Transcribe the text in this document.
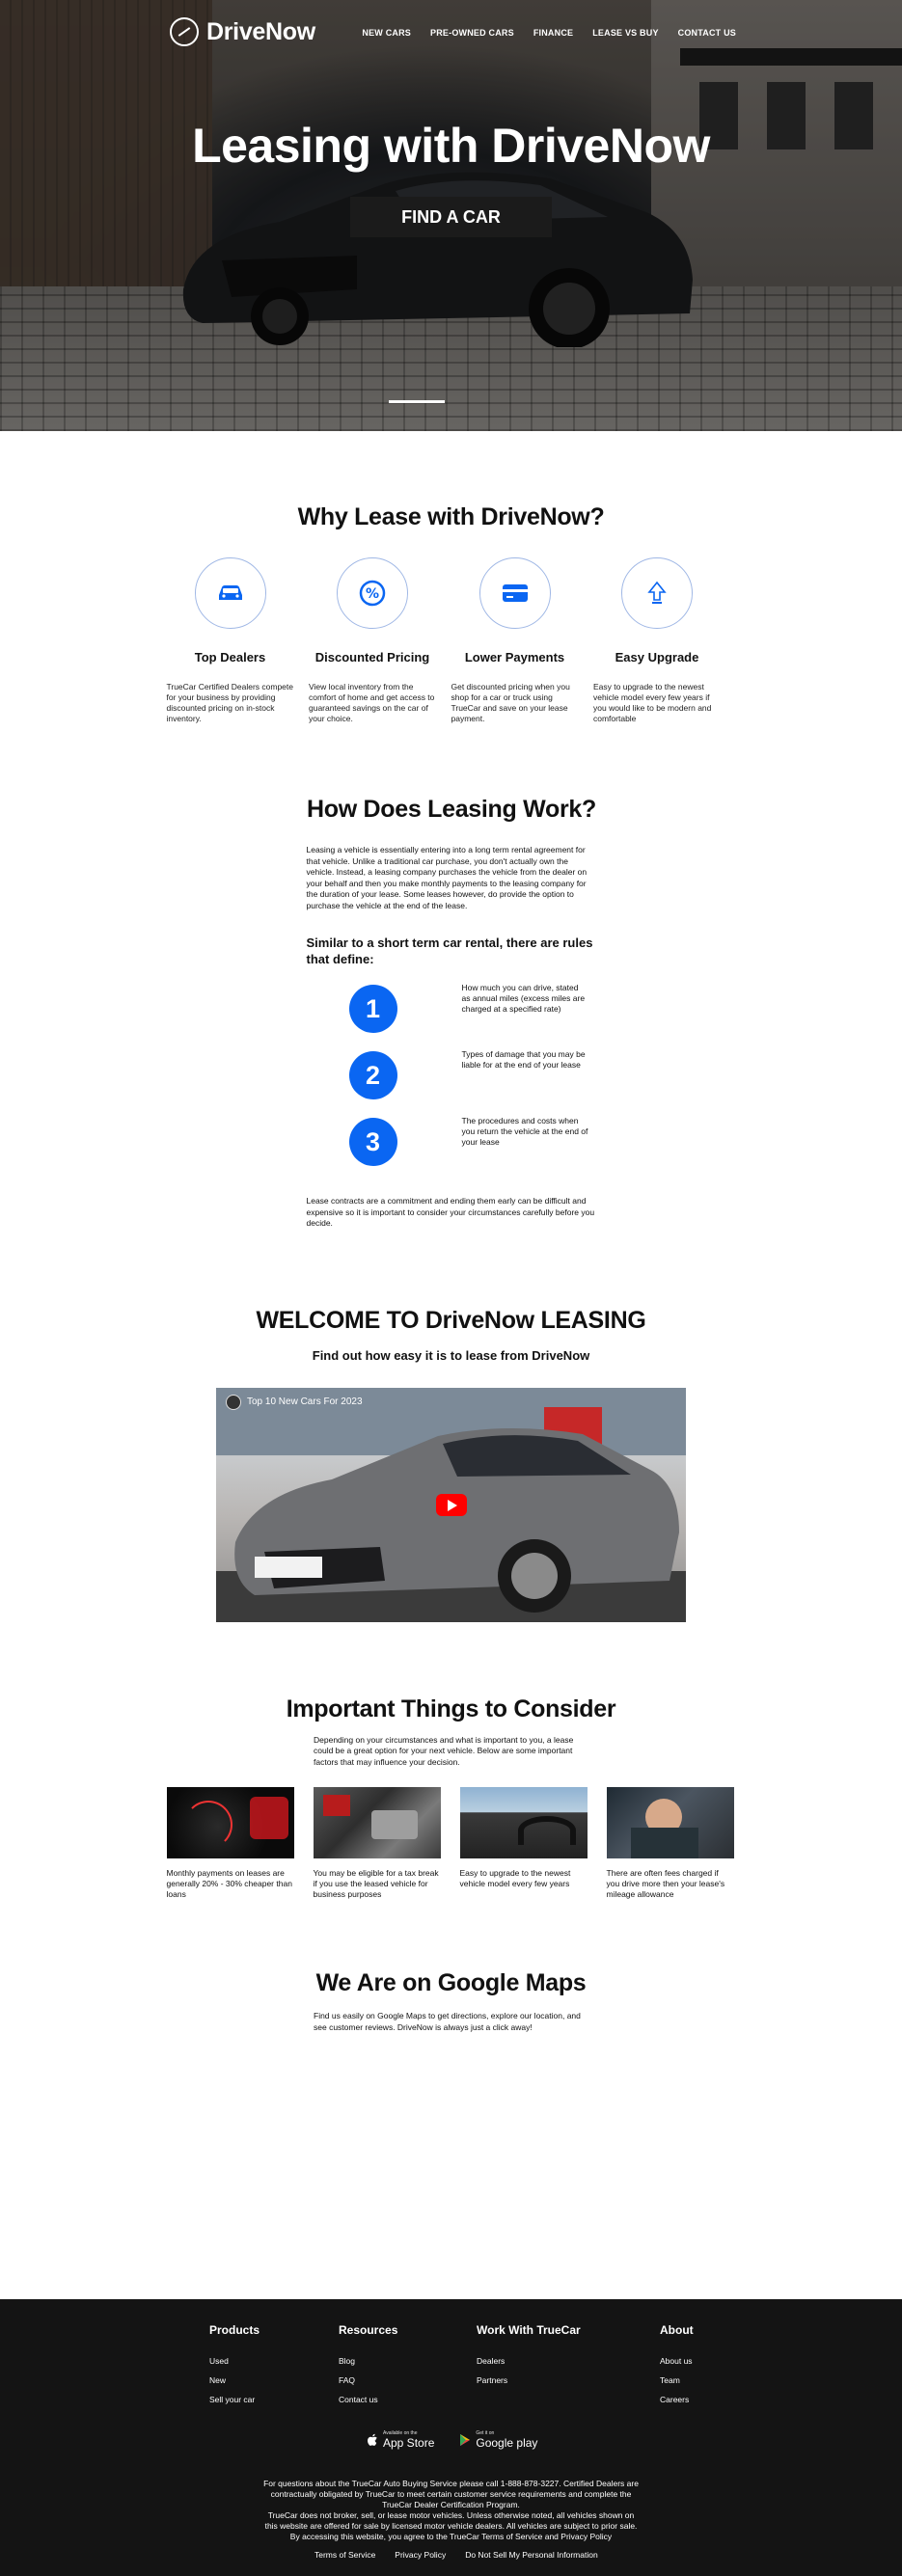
DriveNow	NEW CARS PRE-OWNED CARS FINANCE LEASE VS BUY CONTACT US
Leasing with DriveNow
FIND A CAR
Why Lease with DriveNow?
Top Dealers
TrueCar Certified Dealers compete for your business by providing discounted pricing on in-stock inventory.
%
Discounted Pricing
View local inventory from the comfort of home and get access to guaranteed savings on the car of your choice.
Lower Payments
Get discounted pricing when you shop for a car or truck using TrueCar and save on your lease payment.
Easy Upgrade
Easy to upgrade to the newest vehicle model every few years if you would like to be modern and comfortable
How Does Leasing Work?

Leasing a vehicle is essentially entering into a long term rental agreement for that vehicle. Unlike a traditional car purchase, you don't actually own the vehicle. Instead, a leasing company purchases the vehicle from the dealer on your behalf and then you make monthly payments to the leasing company for the duration of your lease. Some leases however, do provide the option to purchase the vehicle at the end of the lease.

Similar to a short term car rental, there are rules that define:

1
How much you can drive, stated as annual miles (excess miles are charged at a specified rate)
2
Types of damage that you may be liable for at the end of your lease
3
The procedures and costs when you return the vehicle at the end of your lease

Lease contracts are a commitment and ending them early can be difficult and expensive so it is important to consider your circumstances carefully before you decide.

WELCOME TO DriveNow LEASING

Find out how easy it is to lease from DriveNow

Top 10 New Cars For 2023
Important Things to Consider

Depending on your circumstances and what is important to you, a lease could be a great option for your next vehicle. Below are some important factors that may influence your decision.

Monthly payments on leases are generally 20% - 30% cheaper than loans
You may be eligible for a tax break if you use the leased vehicle for business purposes
Easy to upgrade to the newest vehicle model every few years
There are often fees charged if you drive more then your lease's mileage allowance
We Are on Google Maps

Find us easily on Google Maps to get directions, explore our location, and see customer reviews. DriveNow is always just a click away!

Products
Used
New
Sell your car
Resources
Blog
FAQ
Contact us
Work With TrueCar
Dealers
Partners
About
About us
Team
Careers
Available on the
App Store
Get it on
Google play
For questions about the TrueCar Auto Buying Service please call 1-888-878-3227. Certified Dealers are contractually obligated by TrueCar to meet certain customer service requirements and complete the TrueCar Dealer Certification Program.
TrueCar does not broker, sell, or lease motor vehicles. Unless otherwise noted, all vehicles shown on this website are offered for sale by licensed motor vehicle dealers. All vehicles are subject to prior sale. By accessing this website, you agree to the TrueCar Terms of Service and Privacy Policy
Terms of Service Privacy Policy Do Not Sell My Personal Information
